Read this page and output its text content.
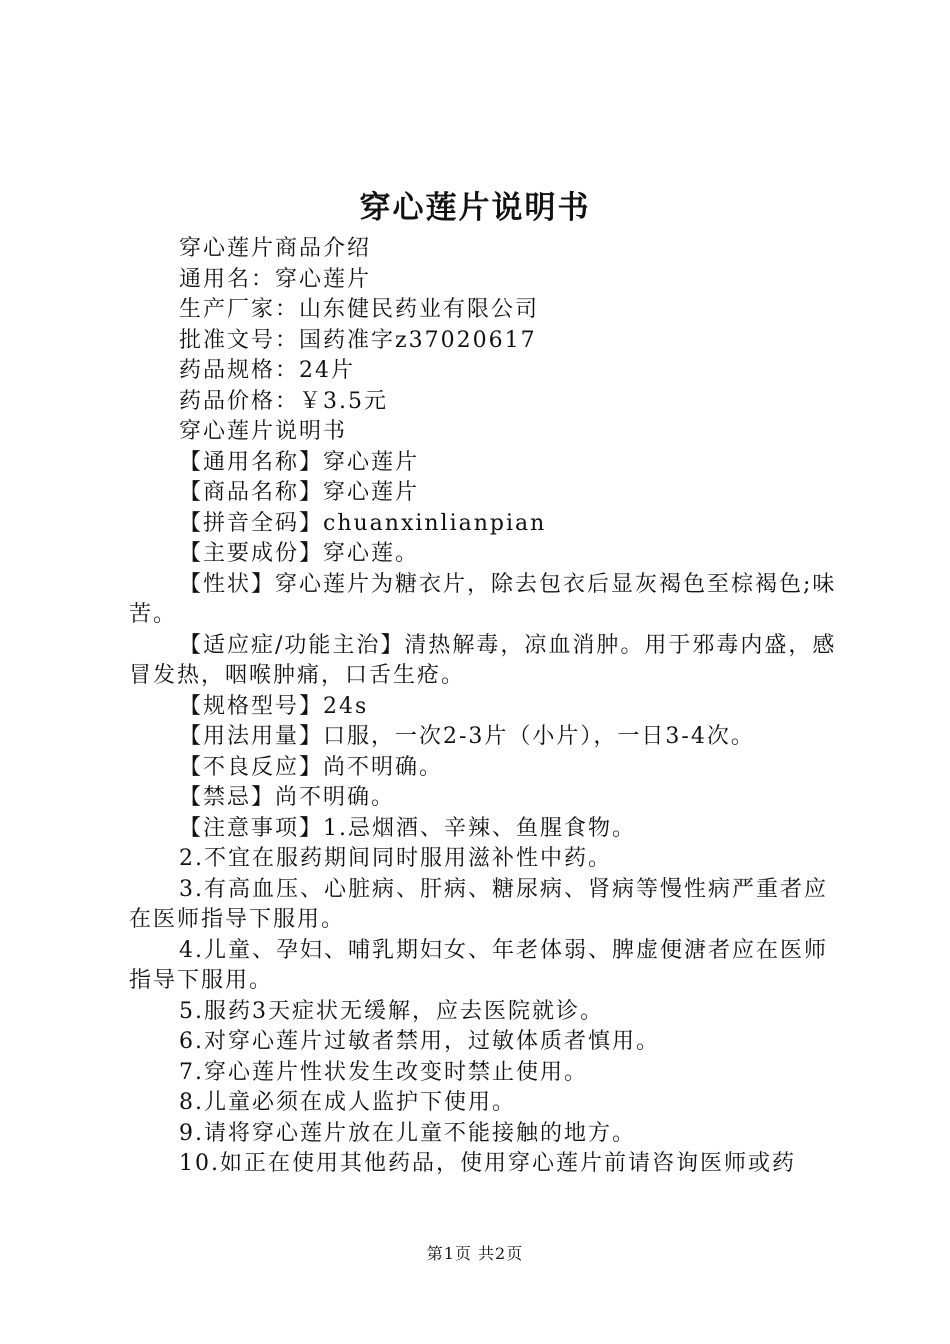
穿心莲片说明书
穿心莲片商品介绍
通用名：穿心莲片
生产厂家：山东健民药业有限公司
批准文号：国药准字z37020617
药品规格：24片
药品价格：￥3.5元
穿心莲片说明书
【通用名称】穿心莲片
【商品名称】穿心莲片
【拼音全码】chuanxinlianpian
【主要成份】穿心莲。
【性状】穿心莲片为糖衣片，除去包衣后显灰褐色至棕褐色;味苦。
【适应症/功能主治】清热解毒，凉血消肿。用于邪毒内盛，感冒发热，咽喉肿痛，口舌生疮。
【规格型号】24s
【用法用量】口服，一次2-3片（小片），一日3-4次。
【不良反应】尚不明确。
【禁忌】尚不明确。
【注意事项】1.忌烟酒、辛辣、鱼腥食物。
2.不宜在服药期间同时服用滋补性中药。
3.有高血压、心脏病、肝病、糖尿病、肾病等慢性病严重者应在医师指导下服用。
4.儿童、孕妇、哺乳期妇女、年老体弱、脾虚便溏者应在医师指导下服用。
5.服药3天症状无缓解，应去医院就诊。
6.对穿心莲片过敏者禁用，过敏体质者慎用。
7.穿心莲片性状发生改变时禁止使用。
8.儿童必须在成人监护下使用。
9.请将穿心莲片放在儿童不能接触的地方。
10.如正在使用其他药品，使用穿心莲片前请咨询医师或药
第1页 共2页
